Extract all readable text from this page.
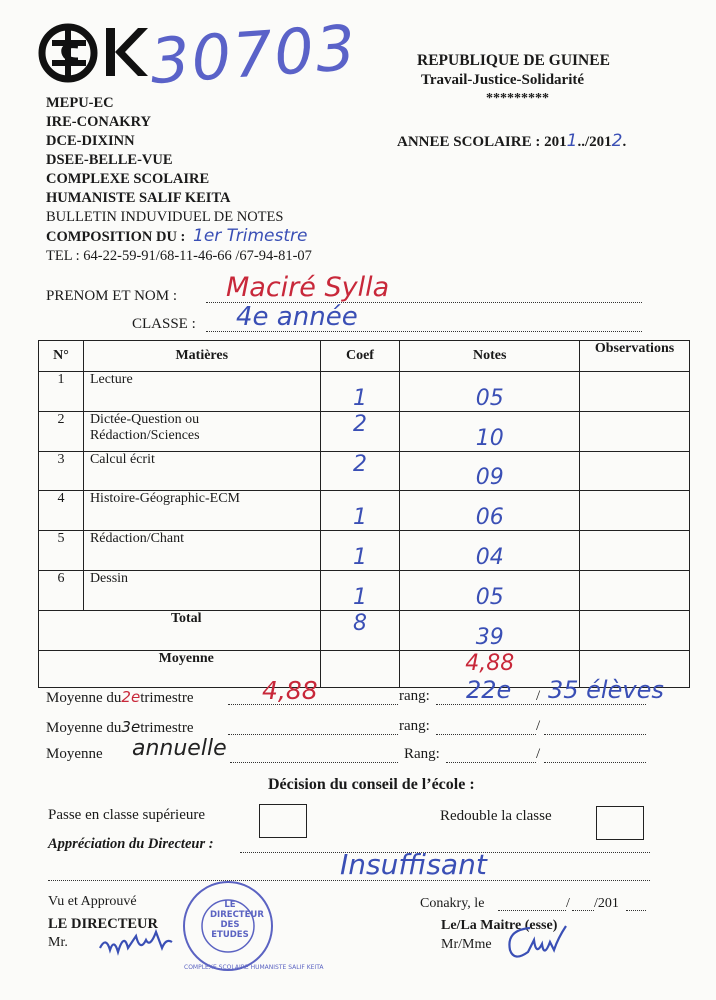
30703	REPUBLIQUE DE GUINEE
Travail-Justice-Solidarité
*********
ANNEE SCOLAIRE : 2011../2012.
MEPU-EC
IRE-CONAKRY
DCE-DIXINN
DSEE-BELLE-VUE
COMPLEXE SCOLAIRE
HUMANISTE SALIF KEITA
BULLETIN INDUVIDUEL DE NOTES
COMPOSITION DU : 1er Trimestre
TEL : 64-22-59-91/68-11-46-66 /67-94-81-07
PRENOM ET NOM : Maciré Sylla
CLASSE : 4e année
N°	Matières	Coef	Notes	Observations
1	Lecture	1	05	
2	Dictée-Question ou
Rédaction/Sciences	2	10	
3	Calcul écrit	2	09	
4	Histoire-Géographic-ECM	1	06	
5	Rédaction/Chant	1	04	
6	Dessin	1	05	
Total		8	39	
Moyenne			4,88	
Moyenne du2etrimestre	4,88	rang: 22e / 35 élèves
Moyenne du3etrimestre	rang:	/
Moyenne annuelle	Rang:	/
Décision du conseil de l’école :
Passe en classe supérieure	Redouble la classe
Appréciation du Directeur :
Insuffisant
Vu et Approuvé
LE DIRECTEUR
Mr.
LE DIRECTEUR DES ETUDES
COMPLEXE SCOLAIRE HUMANISTE SALIF KEITA
Conakry, le	/ /201
Le/La Maitre (esse)
Mr/Mme
